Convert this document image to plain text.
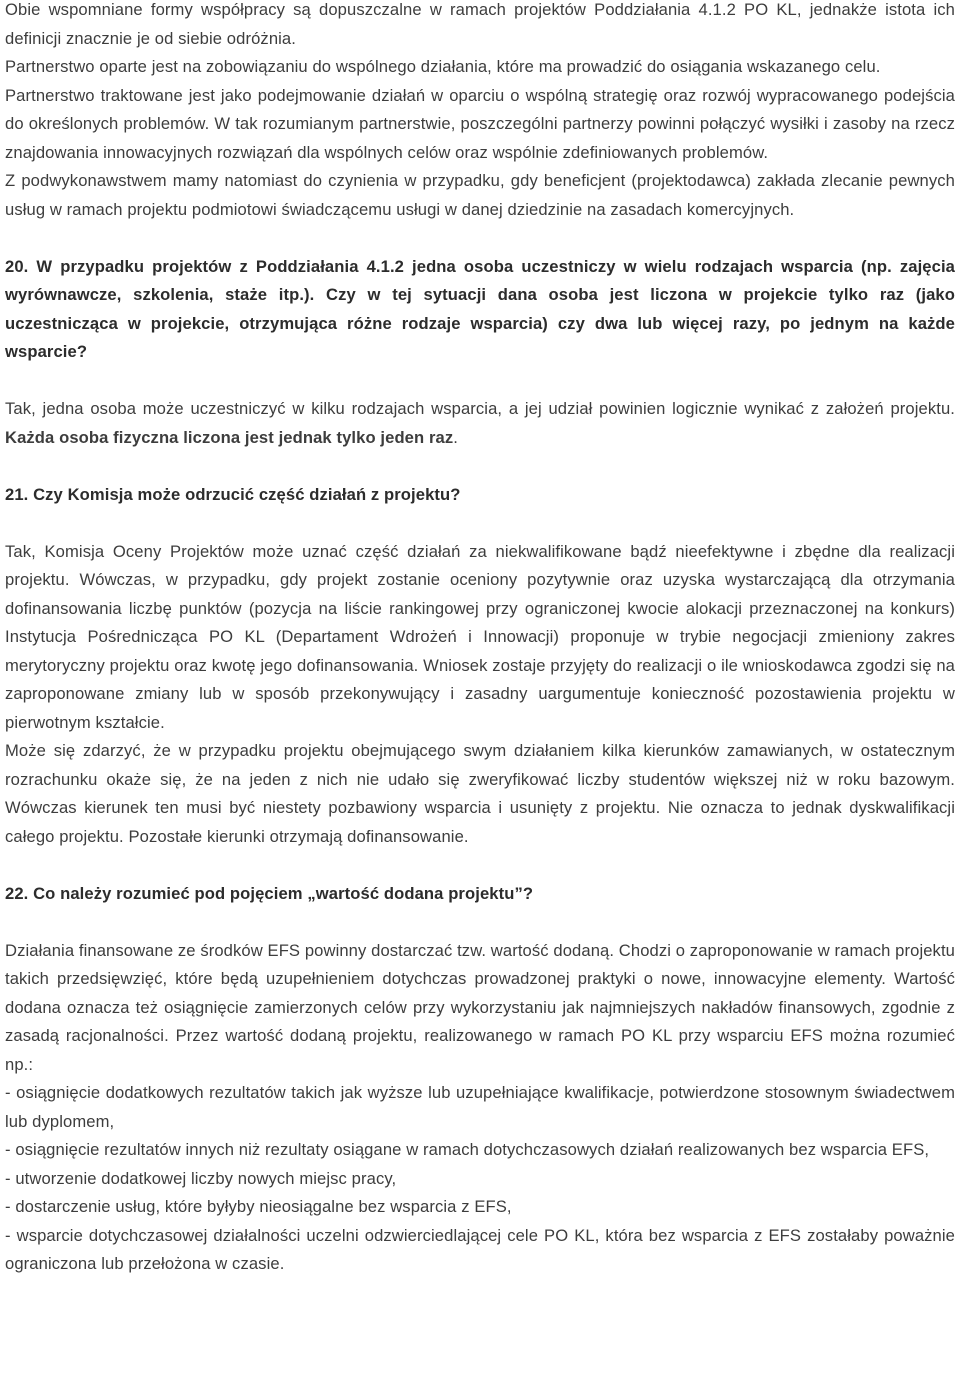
Obie wspomniane formy współpracy są dopuszczalne w ramach projektów Poddziałania 4.1.2 PO KL, jednakże istota ich definicji znacznie je od siebie odróżnia.

Partnerstwo oparte jest na zobowiązaniu do wspólnego działania, które ma prowadzić do osiągania wskazanego celu.

Partnerstwo traktowane jest jako podejmowanie działań w oparciu o wspólną strategię oraz rozwój wypracowanego podejścia do określonych problemów. W tak rozumianym partnerstwie, poszczególni partnerzy powinni połączyć wysiłki i zasoby na rzecz znajdowania innowacyjnych rozwiązań dla wspólnych celów oraz wspólnie zdefiniowanych problemów.

Z podwykonawstwem mamy natomiast do czynienia w przypadku, gdy beneficjent (projektodawca) zakłada zlecanie pewnych usług w ramach projektu podmiotowi świadczącemu usługi w danej dziedzinie na zasadach komercyjnych.

20. W przypadku projektów z Poddziałania 4.1.2 jedna osoba uczestniczy w wielu rodzajach wsparcia (np. zajęcia wyrównawcze, szkolenia, staże itp.). Czy w tej sytuacji dana osoba jest liczona w projekcie tylko raz (jako uczestnicząca w projekcie, otrzymująca różne rodzaje wsparcia) czy dwa lub więcej razy, po jednym na każde wsparcie?

Tak, jedna osoba może uczestniczyć w kilku rodzajach wsparcia, a jej udział powinien logicznie wynikać z założeń projektu. Każda osoba fizyczna liczona jest jednak tylko jeden raz.

21. Czy Komisja może odrzucić część działań z projektu?

Tak, Komisja Oceny Projektów może uznać część działań za niekwalifikowane bądź nieefektywne i zbędne dla realizacji projektu. Wówczas, w przypadku, gdy projekt zostanie oceniony pozytywnie oraz uzyska wystarczającą dla otrzymania dofinansowania liczbę punktów (pozycja na liście rankingowej przy ograniczonej kwocie alokacji przeznaczonej na konkurs) Instytucja Pośrednicząca PO KL (Departament Wdrożeń i Innowacji) proponuje w trybie negocjacji zmieniony zakres merytoryczny projektu oraz kwotę jego dofinansowania. Wniosek zostaje przyjęty do realizacji o ile wnioskodawca zgodzi się na zaproponowane zmiany lub w sposób przekonywujący i zasadny uargumentuje konieczność pozostawienia projektu w pierwotnym kształcie.

Może się zdarzyć, że w przypadku projektu obejmującego swym działaniem kilka kierunków zamawianych, w ostatecznym rozrachunku okaże się, że na jeden z nich nie udało się zweryfikować liczby studentów większej niż w roku bazowym. Wówczas kierunek ten musi być niestety pozbawiony wsparcia i usunięty z projektu. Nie oznacza to jednak dyskwalifikacji całego projektu. Pozostałe kierunki otrzymają dofinansowanie.

22. Co należy rozumieć pod pojęciem „wartość dodana projektu”?

Działania finansowane ze środków EFS powinny dostarczać tzw. wartość dodaną. Chodzi o zaproponowanie w ramach projektu takich przedsięwzięć, które będą uzupełnieniem dotychczas prowadzonej praktyki o nowe, innowacyjne elementy. Wartość dodana oznacza też osiągnięcie zamierzonych celów przy wykorzystaniu jak najmniejszych nakładów finansowych, zgodnie z zasadą racjonalności. Przez wartość dodaną projektu, realizowanego w ramach PO KL przy wsparciu EFS można rozumieć np.:

- osiągnięcie dodatkowych rezultatów takich jak wyższe lub uzupełniające kwalifikacje, potwierdzone stosownym świadectwem lub dyplomem,

- osiągnięcie rezultatów innych niż rezultaty osiągane w ramach dotychczasowych działań realizowanych bez wsparcia EFS,

- utworzenie dodatkowej liczby nowych miejsc pracy,

- dostarczenie usług, które byłyby nieosiągalne bez wsparcia z EFS,

- wsparcie dotychczasowej działalności uczelni odzwierciedlającej cele PO KL, która bez wsparcia z EFS zostałaby poważnie ograniczona lub przełożona w czasie.
